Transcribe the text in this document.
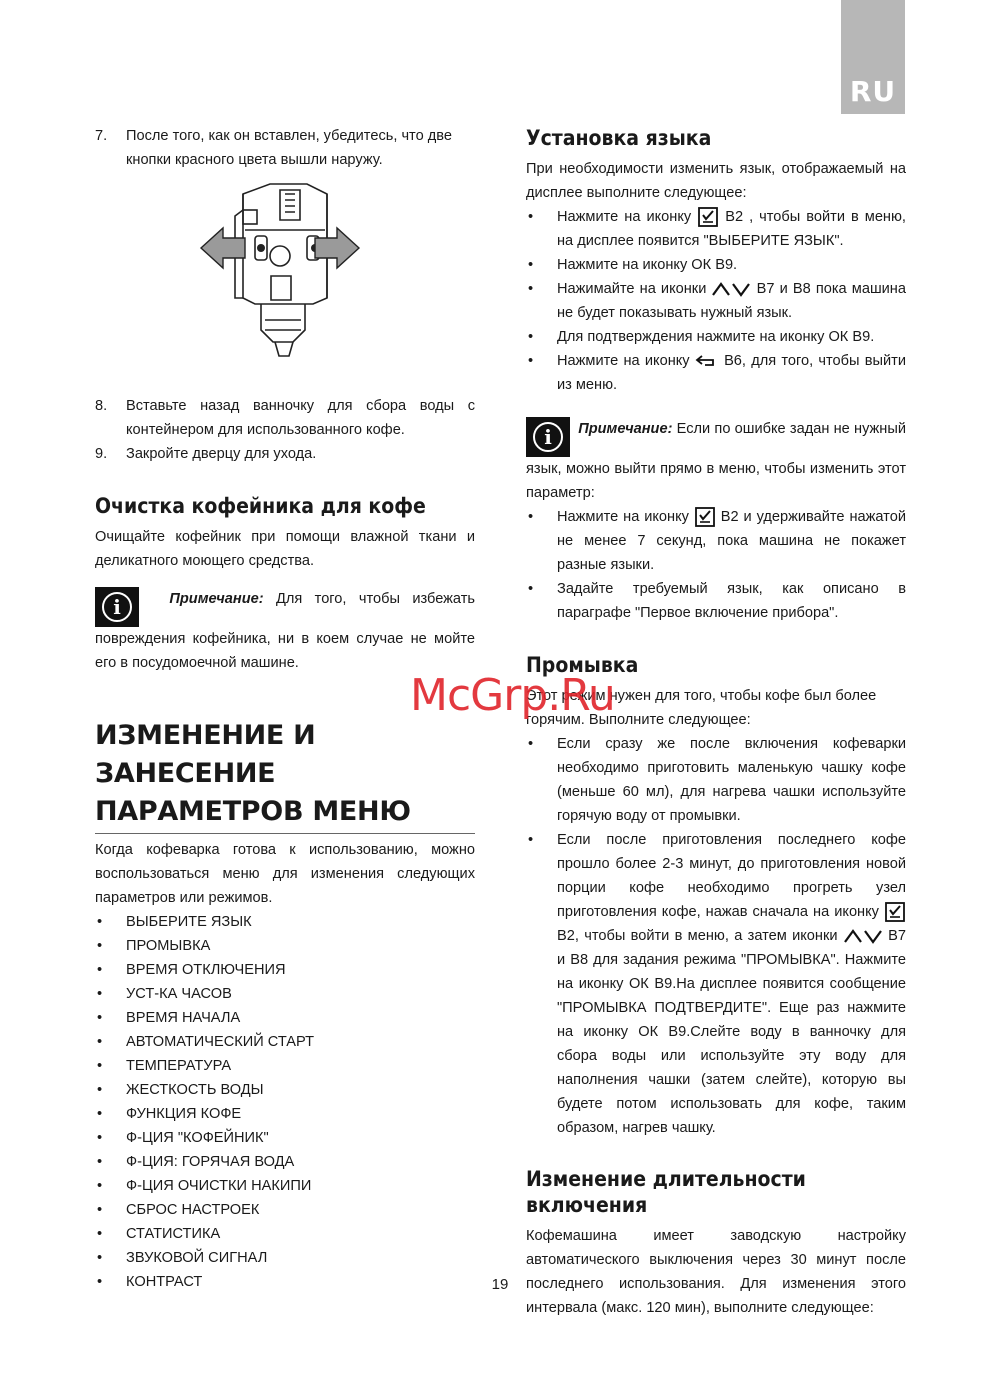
RU
7. После того, как он вставлен, убедитесь, что две кнопки красного цвета вышли наружу.
8. Вставьте назад ванночку для сбора воды с контейнером для использованного кофе.
9. Закройте дверцу для ухода.

Очистка кофейника для кофе

Очищайте кофейник при помощи влажной ткани и деликатного моющего средства.

i	Примечание: Для того, чтобы избежать повреждения кофейника, ни в коем случае не мойте его в посудомоечной машине.

ИЗМЕНЕНИЕ И ЗАНЕСЕНИЕ
ПАРАМЕТРОВ МЕНЮ

Когда кофеварка готова к использованию, можно воспользоваться меню для изменения следующих параметров или режимов.

• ВЫБЕРИТЕ ЯЗЫК
• ПРОМЫВКА
• ВРЕМЯ ОТКЛЮЧЕНИЯ
• УСТ-КА ЧАСОВ
• ВРЕМЯ НАЧАЛА
• АВТОМАТИЧЕСКИЙ СТАРТ
• ТЕМПЕРАТУРА
• ЖЕСТКОСТЬ ВОДЫ
• ФУНКЦИЯ КОФЕ
• Ф-ЦИЯ "КОФЕЙНИК"
• Ф-ЦИЯ: ГОРЯЧАЯ ВОДА
• Ф-ЦИЯ ОЧИСТКИ НАКИПИ
• СБРОС НАСТРОЕК
• СТАТИСТИКА
• ЗВУКОВОЙ СИГНАЛ
• КОНТРАСТ

Установка языка

При необходимости изменить язык, отображаемый на дисплее выполните следующее:

• Нажмите на иконку  B2 , чтобы войти в меню, на дисплее появится "ВЫБЕРИТЕ ЯЗЫК".
• Нажмите на иконку ОК В9.
• Нажимайте на иконки	B7 и B8 пока машина не будет показывать нужный язык.
• Для подтверждения нажмите на иконку ОК В9.
• Нажмите на иконку  B6, для того, чтобы выйти из меню.

i	Примечание: Если по ошибке задан не нужный язык, можно выйти прямо в меню, чтобы изменить этот параметр:

• Нажмите на иконку  B2 и удерживайте нажатой не менее 7 секунд, пока машина не покажет разные языки.
• Задайте требуемый язык, как описано в параграфе "Первое включение прибора".

Промывка

Этот режим нужен для того, чтобы кофе был более горячим. Выполните следующее:

• Если сразу же после включения кофеварки необходимо приготовить маленькую чашку кофе (меньше 60 мл), для нагрева чашки используйте горячую воду от промывки.
• Если после приготовления последнего кофе прошло более 2-3 минут, до приготовления новой порции кофе необходимо прогреть узел приготовления кофе, нажав сначала на иконку  B2, чтобы войти в меню, а затем иконки	B7 и B8 для задания режима "ПРОМЫВКА". Нажмите на иконку ОК В9.На дисплее появится сообщение "ПРОМЫВКА ПОДТВЕРДИТЕ". Еще раз нажмите на иконку ОК В9.Слейте воду в ванночку для сбора воды или используйте эту воду для наполнения чашки (затем слейте), которую вы будете потом использовать для кофе, таким образом, нагрев чашку.

Изменение длительности включения

Кофемашина имеет заводскую настройку автоматического выключения через 30 минут после последнего использования. Для изменения этого интервала (макс. 120 мин), выполните следующее:

McGrp.Ru
19
